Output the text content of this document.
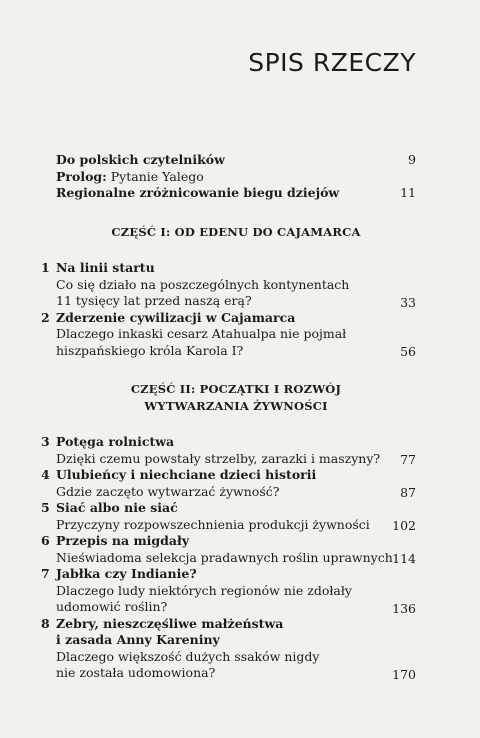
SPIS RZECZY
Do polskich czytelników	9
Prolog: Pytanie Yalego
Regionalne zróżnicowanie biegu dziejów	11
CZĘŚĆ I: OD EDENU DO CAJAMARCA
1 Na linii startu
Co się działo na poszczególnych kontynentach
11 tysięcy lat przed naszą erą?	33
2 Zderzenie cywilizacji w Cajamarca
Dlaczego inkaski cesarz Atahualpa nie pojmał
hiszpańskiego króla Karola I?	56
CZĘŚĆ II: POCZĄTKI I ROZWÓJ
WYTWARZANIA ŻYWNOŚCI
3 Potęga rolnictwa
Dzięki czemu powstały strzelby, zarazki i maszyny?	77
4 Ulubieńcy i niechciane dzieci historii
Gdzie zaczęto wytwarzać żywność?	87
5 Siać albo nie siać
Przyczyny rozpowszechnienia produkcji żywności	102
6 Przepis na migdały
Nieświadoma selekcja pradawnych roślin uprawnych 114
7 Jabłka czy Indianie?
Dlaczego ludy niektórych regionów nie zdołały
udomowić roślin?	136
8 Zebry, nieszczęśliwe małżeństwa
i zasada Anny Kareniny
Dlaczego większość dużych ssaków nigdy
nie została udomowiona?	170
